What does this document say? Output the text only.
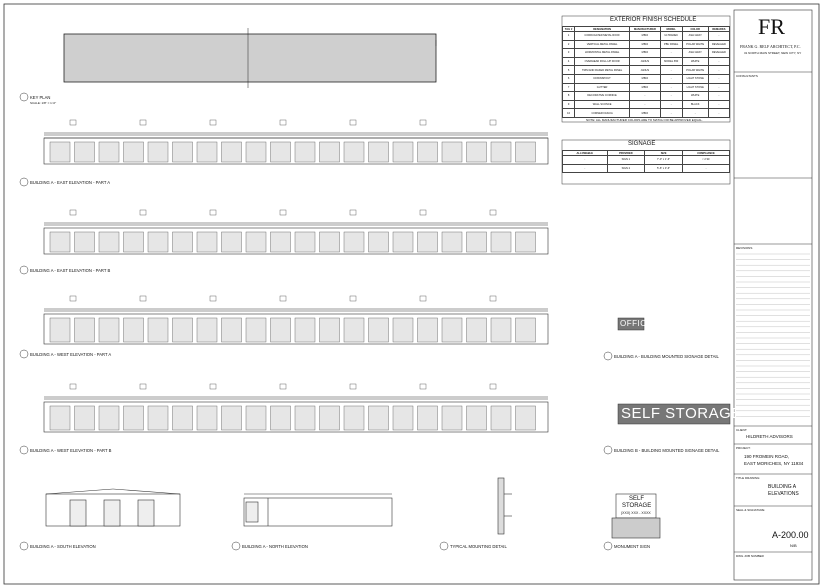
KEY PLAN
BUILDING A - EAST ELEVATION - PART A
BUILDING A - EAST ELEVATION - PART B
BUILDING A - WEST ELEVATION - PART A
BUILDING A - WEST ELEVATION - PART B
BUILDING A - SOUTH ELEVATION	BUILDING A - NORTH ELEVATION	TYPICAL MOUNTING DETAIL	MONUMENT SIGN
BUILDING A - BUILDING MOUNTED SIGNAGE DETAIL
BUILDING B - BUILDING MOUNTED SIGNAGE DETAIL
SCALE: 1/8" = 1'-0"
OFFICE
SELF STORAGE
SELF
STORAGE
(XXX) XXX - XXXX
EXTERIOR FINISH SCHEDULE
TAG #	DESIGNATION	MANUFACTURER	MODEL	COLOR	REMARKS
1	CORRUGATED METAL ROOF	MBCI	ULTRADEK	ASH GRAY	-
2	VERTICAL METAL PANEL	MBCI	PBU PANEL	POLAR WHITE	REVEALED
3	HORIZONTAL METAL PANEL	MBCI	-	ASH GRAY	REVEALED
4	OVERHEAD ROLL-UP DOOR	JANUS	MODEL 650	WHITE	-
5	TRIM AND RAKED METAL PANEL	JANUS	-	POLAR WHITE	-
6	DOWNSPOUT	MBCI	-	LIGHT STONE	-
7	GUTTER	MBCI	-	LIGHT STONE	-
8	DECORATIVE CORNICE	-	-	WHITE	-
9	WALL SCONCE	-	-	BLACK	-
10	CORNER FASCIA	MBCI	-	-	-
NOTE: ALL MANUFACTURER COLORS ARE TO MATCH OR BE APPROVED EQUAL.
SIGNAGE
ALLOWABLE	PROVIDED	SIZE	COMPLIANCE
-	SIGN 1	7'-0" x 1'-6"	< 2 SF
-	SIGN 2	5'-6" x 3'-6"	-
FR
FRANK G. RELF ARCHITECT, P.C.
31 NORTH MAIN STREET, NEW CITY, NY
CONSULTANTS
REVISIONS
CLIENT:
HILDRETH ADVISORS
PROJECT:
190 FROMEIN ROAD,
EAST MORICHES, NY 11934
TITLE DRAWING:
BUILDING A
ELEVATIONS
SEAL & SIGNATURE
A-200.00
N/B
DWG JOB NUMBER
